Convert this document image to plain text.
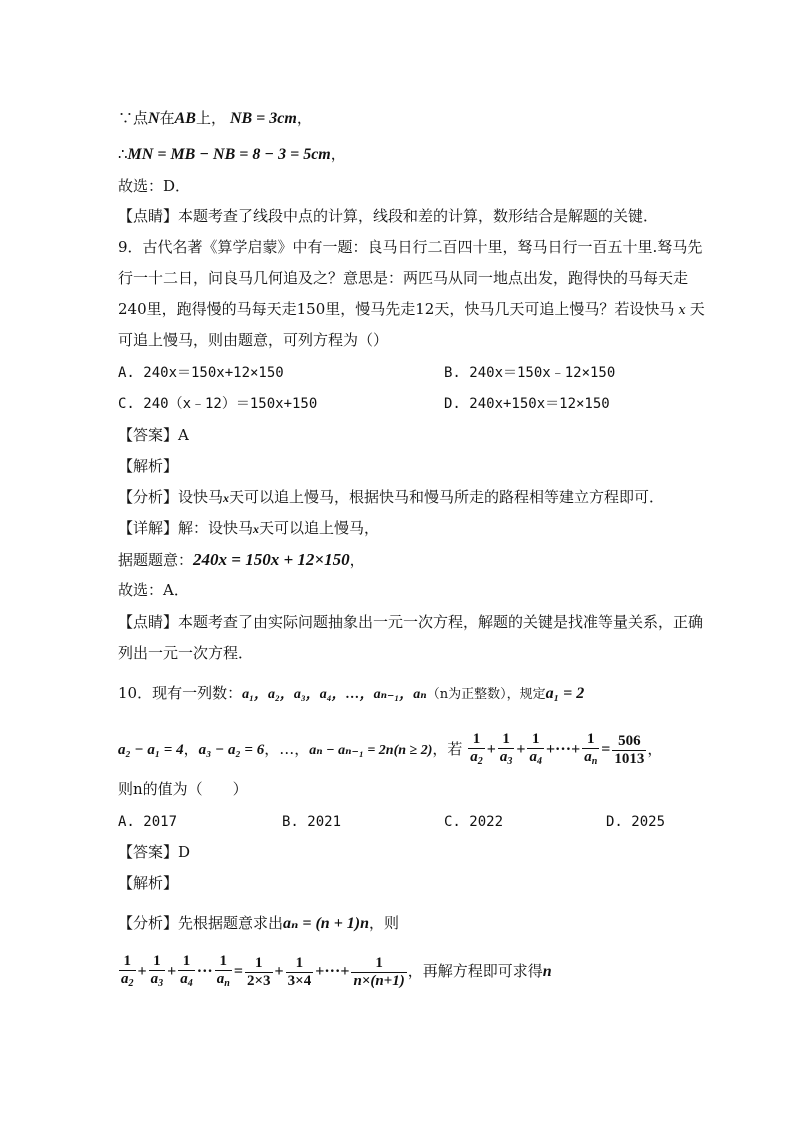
∵点N在AB上， NB = 3cm，
∴MN = MB − NB = 8 − 3 = 5cm，
故选：D．
【点睛】本题考查了线段中点的计算，线段和差的计算，数形结合是解题的关键．
9．古代名著《算学启蒙》中有一题：良马日行二百四十里，驽马日行一百五十里.驽马先
行一十二日，问良马几何追及之？意思是：两匹马从同一地点出发，跑得快的马每天走
240里，跑得慢的马每天走150里，慢马先走12天，快马几天可追上慢马？若设快马 x 天
可追上慢马，则由题意，可列方程为（）
A. 240x＝150x+12×150	B. 240x＝150x﹣12×150
C. 240（x﹣12）＝150x+150	D. 240x+150x＝12×150
【答案】A
【解析】
【分析】设快马x天可以追上慢马，根据快马和慢马所走的路程相等建立方程即可．
【详解】解：设快马x天可以追上慢马，
据题题意：240x = 150x + 12×150，
故选：A．
【点睛】本题考查了由实际问题抽象出一元一次方程，解题的关键是找准等量关系，正确
列出一元一次方程．
10．现有一列数：a₁，a₂，a₃，a₄，…，aₙ₋₁，aₙ（n为正整数），规定a₁ = 2
a₂ − a₁ = 4，a₃ − a₂ = 6，…，aₙ − aₙ₋₁ = 2n(n ≥ 2)，若 $\frac{1}{a_2} + \frac{1}{a_3} + \frac{1}{a_4}$ +···+ $\frac{1}{a_n} = \frac{506}{1013}$ ，
则n的值为（　　）
A. 2017	B. 2021	C. 2022	D. 2025
【答案】D
【解析】
【分析】先根据题意求出aₙ = (n + 1)n，则
$\frac{1}{a_2} + \frac{1}{a_3} + \frac{1}{a_4}$ ··· $\frac{1}{a_n} = \frac{1}{2\times 3} + \frac{1}{3\times 4}$ +···+ $\frac{1}{n\times(n+1)}$ ，再解方程即可求得n
